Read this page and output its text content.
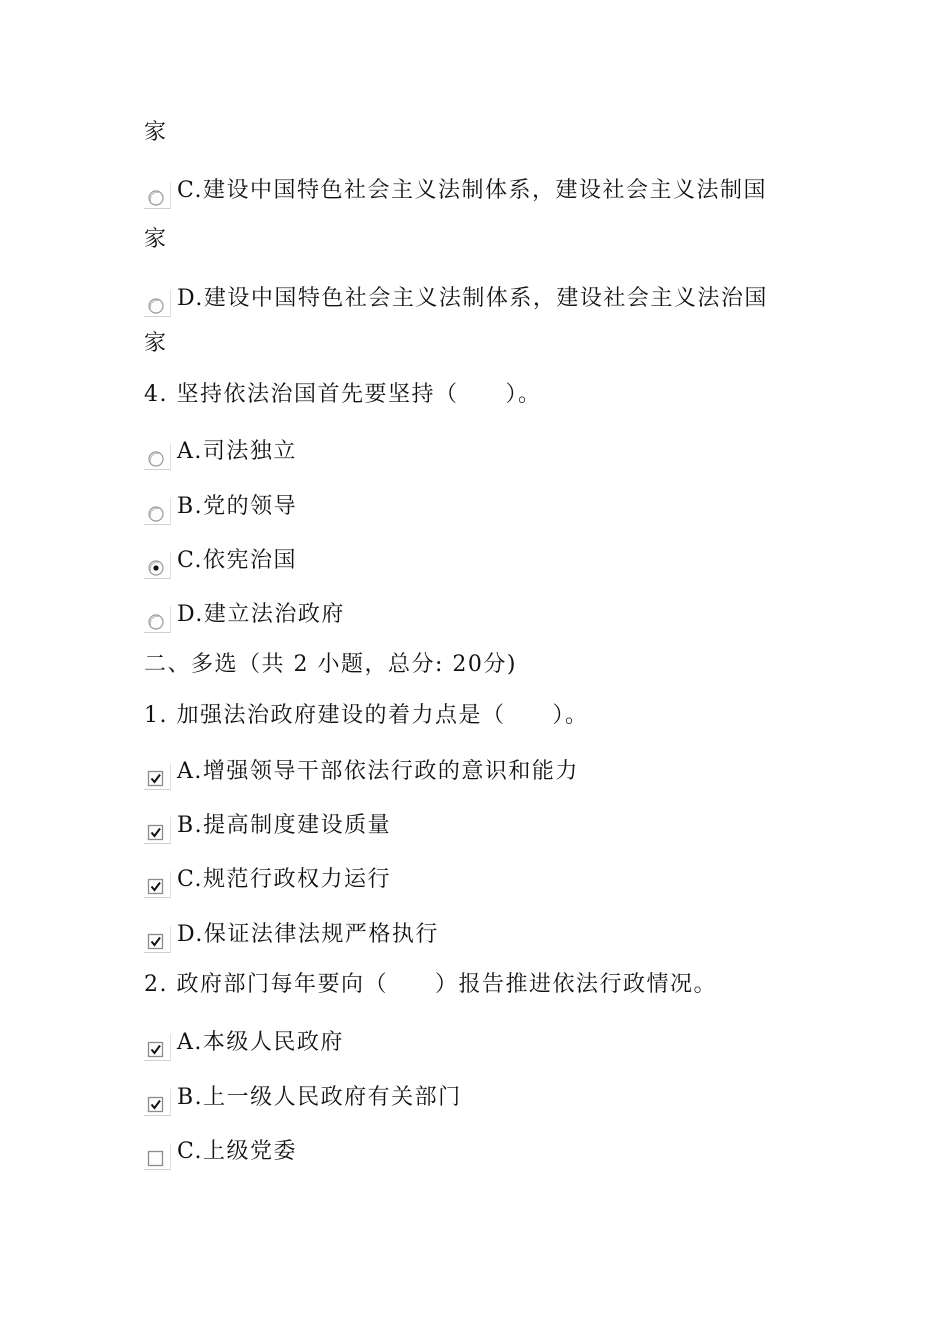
家
C.建设中国特色社会主义法制体系，建设社会主义法制国
家
D.建设中国特色社会主义法制体系，建设社会主义法治国
家
4. 坚持依法治国首先要坚持（　　）。
A.司法独立
B.党的领导
C.依宪治国
D.建立法治政府
二、多选（共 2 小题，总分: 20分)
1. 加强法治政府建设的着力点是（　　）。
A.增强领导干部依法行政的意识和能力
B.提高制度建设质量
C.规范行政权力运行
D.保证法律法规严格执行
2. 政府部门每年要向（　　）报告推进依法行政情况。
A.本级人民政府
B.上一级人民政府有关部门
C.上级党委
